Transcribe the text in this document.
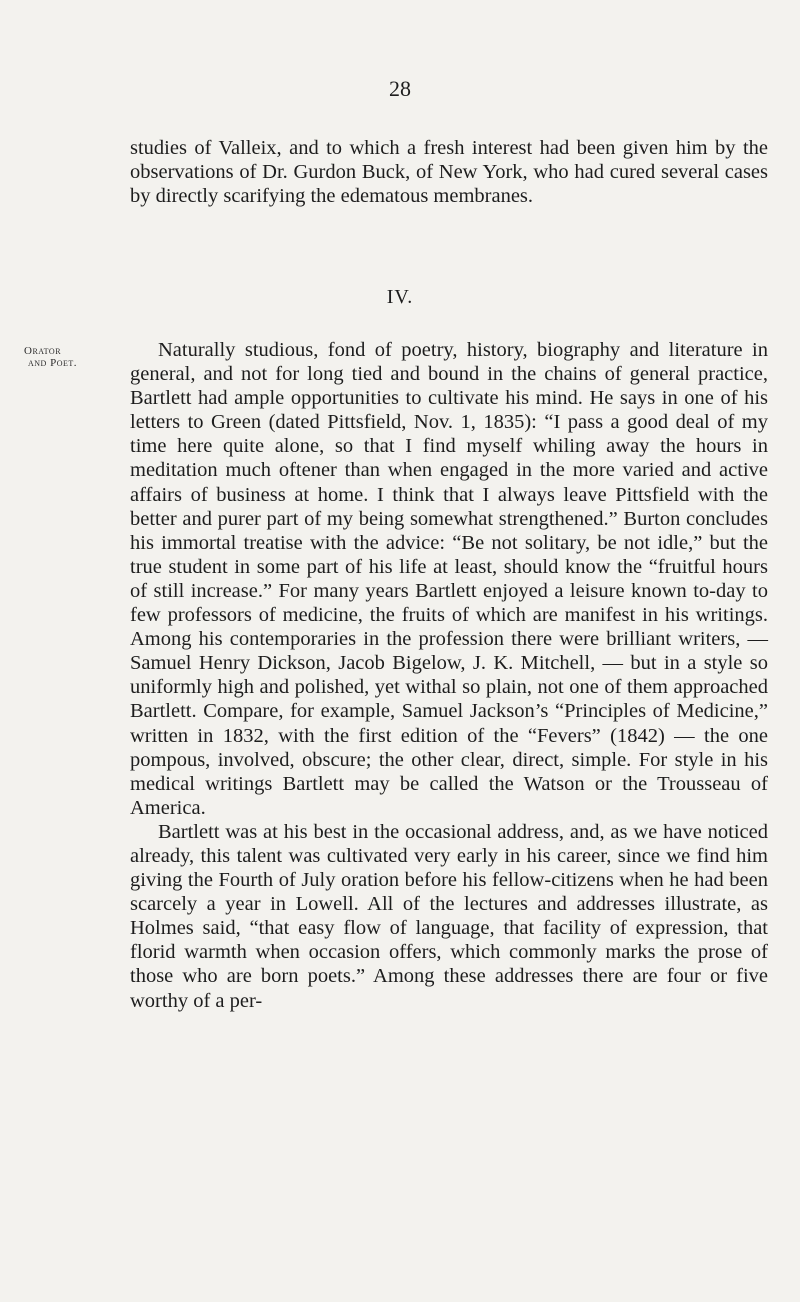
28
studies of Valleix, and to which a fresh interest had been given him by the observations of Dr. Gurdon Buck, of New York, who had cured several cases by directly scarifying the edematous membranes.
IV.
Orator
and Poet.

Naturally studious, fond of poetry, history, biography and literature in general, and not for long tied and bound in the chains of general practice, Bartlett had ample opportunities to cultivate his mind. He says in one of his letters to Green (dated Pittsfield, Nov. 1, 1835): “I pass a good deal of my time here quite alone, so that I find myself whiling away the hours in meditation much oftener than when engaged in the more varied and active affairs of business at home. I think that I always leave Pittsfield with the better and purer part of my being somewhat strengthened.” Burton concludes his immortal treatise with the advice: “Be not solitary, be not idle,” but the true student in some part of his life at least, should know the “fruitful hours of still increase.” For many years Bartlett enjoyed a leisure known to-day to few professors of medicine, the fruits of which are manifest in his writings. Among his contemporaries in the profession there were brilliant writers, — Samuel Henry Dickson, Jacob Bigelow, J. K. Mitchell, — but in a style so uniformly high and polished, yet withal so plain, not one of them approached Bartlett. Compare, for example, Samuel Jackson’s “Principles of Medicine,” written in 1832, with the first edition of the “Fevers” (1842) — the one pompous, involved, obscure; the other clear, direct, simple. For style in his medical writings Bartlett may be called the Watson or the Trousseau of America.

Bartlett was at his best in the occasional address, and, as we have noticed already, this talent was cultivated very early in his career, since we find him giving the Fourth of July oration before his fellow-citizens when he had been scarcely a year in Lowell. All of the lectures and addresses illustrate, as Holmes said, “that easy flow of language, that facility of expression, that florid warmth when occasion offers, which commonly marks the prose of those who are born poets.” Among these addresses there are four or five worthy of a per-
